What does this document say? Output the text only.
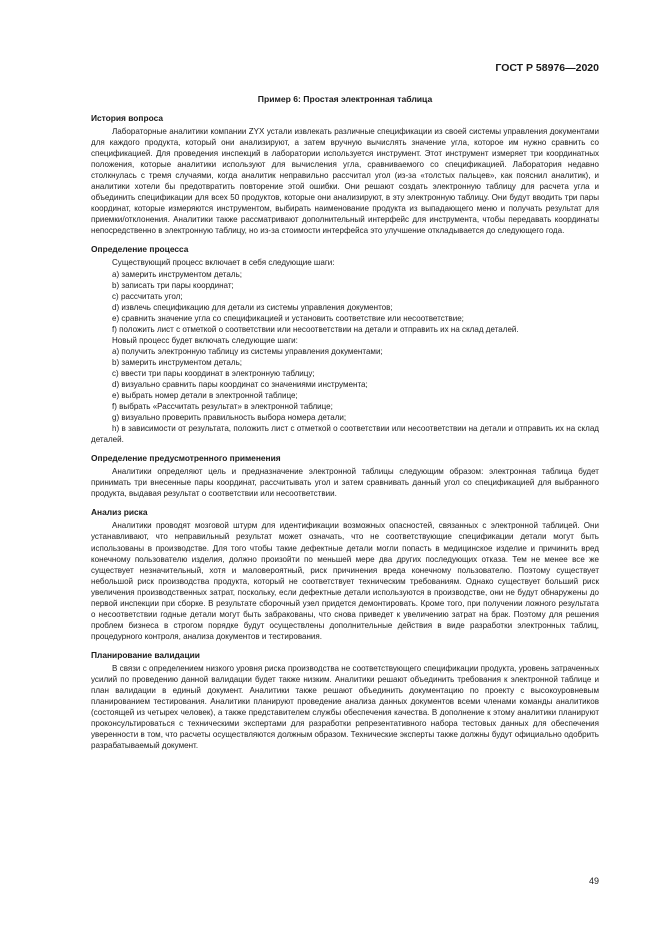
ГОСТ Р 58976—2020
Пример 6: Простая электронная таблица
История вопроса

Лабораторные аналитики компании ZYX устали извлекать различные спецификации из своей системы управления документами для каждого продукта, который они анализируют, а затем вручную вычислять значение угла, которое им нужно сравнить со спецификацией. Для проведения инспекций в лаборатории используется инструмент. Этот инструмент измеряет три координатных положения, которые аналитики используют для вычисления угла, сравниваемого со спецификацией. Лаборатория недавно столкнулась с тремя случаями, когда аналитик неправильно рассчитал угол (из-за «толстых пальцев», как пояснил аналитик), и аналитики хотели бы предотвратить повторение этой ошибки. Они решают создать электронную таблицу для расчета угла и объединить спецификации для всех 50 продуктов, которые они анализируют, в эту электронную таблицу. Они будут вводить три пары координат, которые измеряются инструментом, выбирать наименование продукта из выпадающего меню и получать результат для приемки/отклонения. Аналитики также рассматривают дополнительный интерфейс для инструмента, чтобы передавать координаты непосредственно в электронную таблицу, но из-за стоимости интерфейса это улучшение откладывается до следующего года.

Определение процесса
Существующий процесс включает в себя следующие шаги:
a) замерить инструментом деталь;
b) записать три пары координат;
c) рассчитать угол;
d) извлечь спецификацию для детали из системы управления документов;
e) сравнить значение угла со спецификацией и установить соответствие или несоответствие;
f) положить лист с отметкой о соответствии или несоответствии на детали и отправить их на склад деталей.
Новый процесс будет включать следующие шаги:
a) получить электронную таблицу из системы управления документами;
b) замерить инструментом деталь;
c) ввести три пары координат в электронную таблицу;
d) визуально сравнить пары координат со значениями инструмента;
e) выбрать номер детали в электронной таблице;
f) выбрать «Рассчитать результат» в электронной таблице;
g) визуально проверить правильность выбора номера детали;
h) в зависимости от результата, положить лист с отметкой о соответствии или несоответствии на детали и отправить их на склад деталей.
Определение предусмотренного применения

Аналитики определяют цель и предназначение электронной таблицы следующим образом: электронная таблица будет принимать три внесенные пары координат, рассчитывать угол и затем сравнивать данный угол со спецификацией для выбранного продукта, выдавая результат о соответствии или несоответствии.

Анализ риска

Аналитики проводят мозговой штурм для идентификации возможных опасностей, связанных с электронной таблицей. Они устанавливают, что неправильный результат может означать, что не соответствующие спецификации детали могут быть использованы в производстве. Для того чтобы такие дефектные детали могли попасть в медицинское изделие и причинить вред конечному пользователю изделия, должно произойти по меньшей мере два других последующих отказа. Тем не менее все же существует незначительный, хотя и маловероятный, риск причинения вреда конечному пользователю. Поэтому существует небольшой риск производства продукта, который не соответствует техническим требованиям. Однако существует больший риск увеличения производственных затрат, поскольку, если дефектные детали используются в производстве, они не будут обнаружены до первой инспекции при сборке. В результате сборочный узел придется демонтировать. Кроме того, при получении ложного результата о несоответствии годные детали могут быть забракованы, что снова приведет к увеличению затрат на брак. Поэтому для решения проблем бизнеса в строгом порядке будут осуществлены дополнительные действия в виде разработки электронных таблиц, процедурного контроля, анализа документов и тестирования.

Планирование валидации

В связи с определением низкого уровня риска производства не соответствующего спецификации продукта, уровень затраченных усилий по проведению данной валидации будет также низким. Аналитики решают объединить требования к электронной таблице и план валидации в единый документ. Аналитики также решают объединить документацию по проекту с высокоуровневым планированием тестирования. Аналитики планируют проведение анализа данных документов всеми членами команды аналитиков (состоящей из четырех человек), а также представителем службы обеспечения качества. В дополнение к этому аналитики планируют проконсультироваться с техническими экспертами для разработки репрезентативного набора тестовых данных для обеспечения уверенности в том, что расчеты осуществляются должным образом. Технические эксперты также должны будут официально одобрить разрабатываемый документ.

49
